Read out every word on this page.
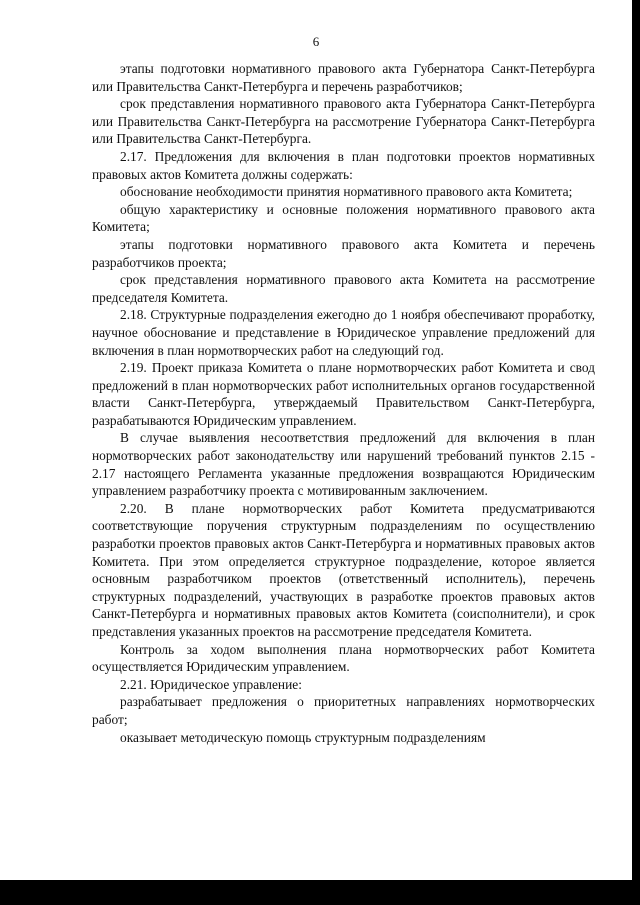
6

этапы подготовки нормативного правового акта Губернатора Санкт-Петербурга или Правительства Санкт-Петербурга и перечень разработчиков;

срок представления нормативного правового акта Губернатора Санкт-Петербурга или Правительства Санкт-Петербурга на рассмотрение Губернатора Санкт-Петербурга или Правительства Санкт-Петербурга.

2.17. Предложения для включения в план подготовки проектов нормативных правовых актов Комитета должны содержать:

обоснование необходимости принятия нормативного правового акта Комитета;

общую характеристику и основные положения нормативного правового акта Комитета;

этапы подготовки нормативного правового акта Комитета и перечень разработчиков проекта;

срок представления нормативного правового акта Комитета на рассмотрение председателя Комитета.

2.18. Структурные подразделения ежегодно до 1 ноября обеспечивают проработку, научное обоснование и представление в Юридическое управление предложений для включения в план нормотворческих работ на следующий год.

2.19. Проект приказа Комитета о плане нормотворческих работ Комитета и свод предложений в план нормотворческих работ исполнительных органов государственной власти Санкт-Петербурга, утверждаемый Правительством Санкт-Петербурга, разрабатываются Юридическим управлением.

В случае выявления несоответствия предложений для включения в план нормотворческих работ законодательству или нарушений требований пунктов 2.15 - 2.17 настоящего Регламента указанные предложения возвращаются Юридическим управлением разработчику проекта с мотивированным заключением.

2.20. В плане нормотворческих работ Комитета предусматриваются соответствующие поручения структурным подразделениям по осуществлению разработки проектов правовых актов Санкт-Петербурга и нормативных правовых актов Комитета. При этом определяется структурное подразделение, которое является основным разработчиком проектов (ответственный исполнитель), перечень структурных подразделений, участвующих в разработке проектов правовых актов Санкт-Петербурга и нормативных правовых актов Комитета (соисполнители), и срок представления указанных проектов на рассмотрение председателя Комитета.

Контроль за ходом выполнения плана нормотворческих работ Комитета осуществляется Юридическим управлением.

2.21. Юридическое управление:

разрабатывает предложения о приоритетных направлениях нормотворческих работ;

оказывает методическую помощь структурным подразделениям
